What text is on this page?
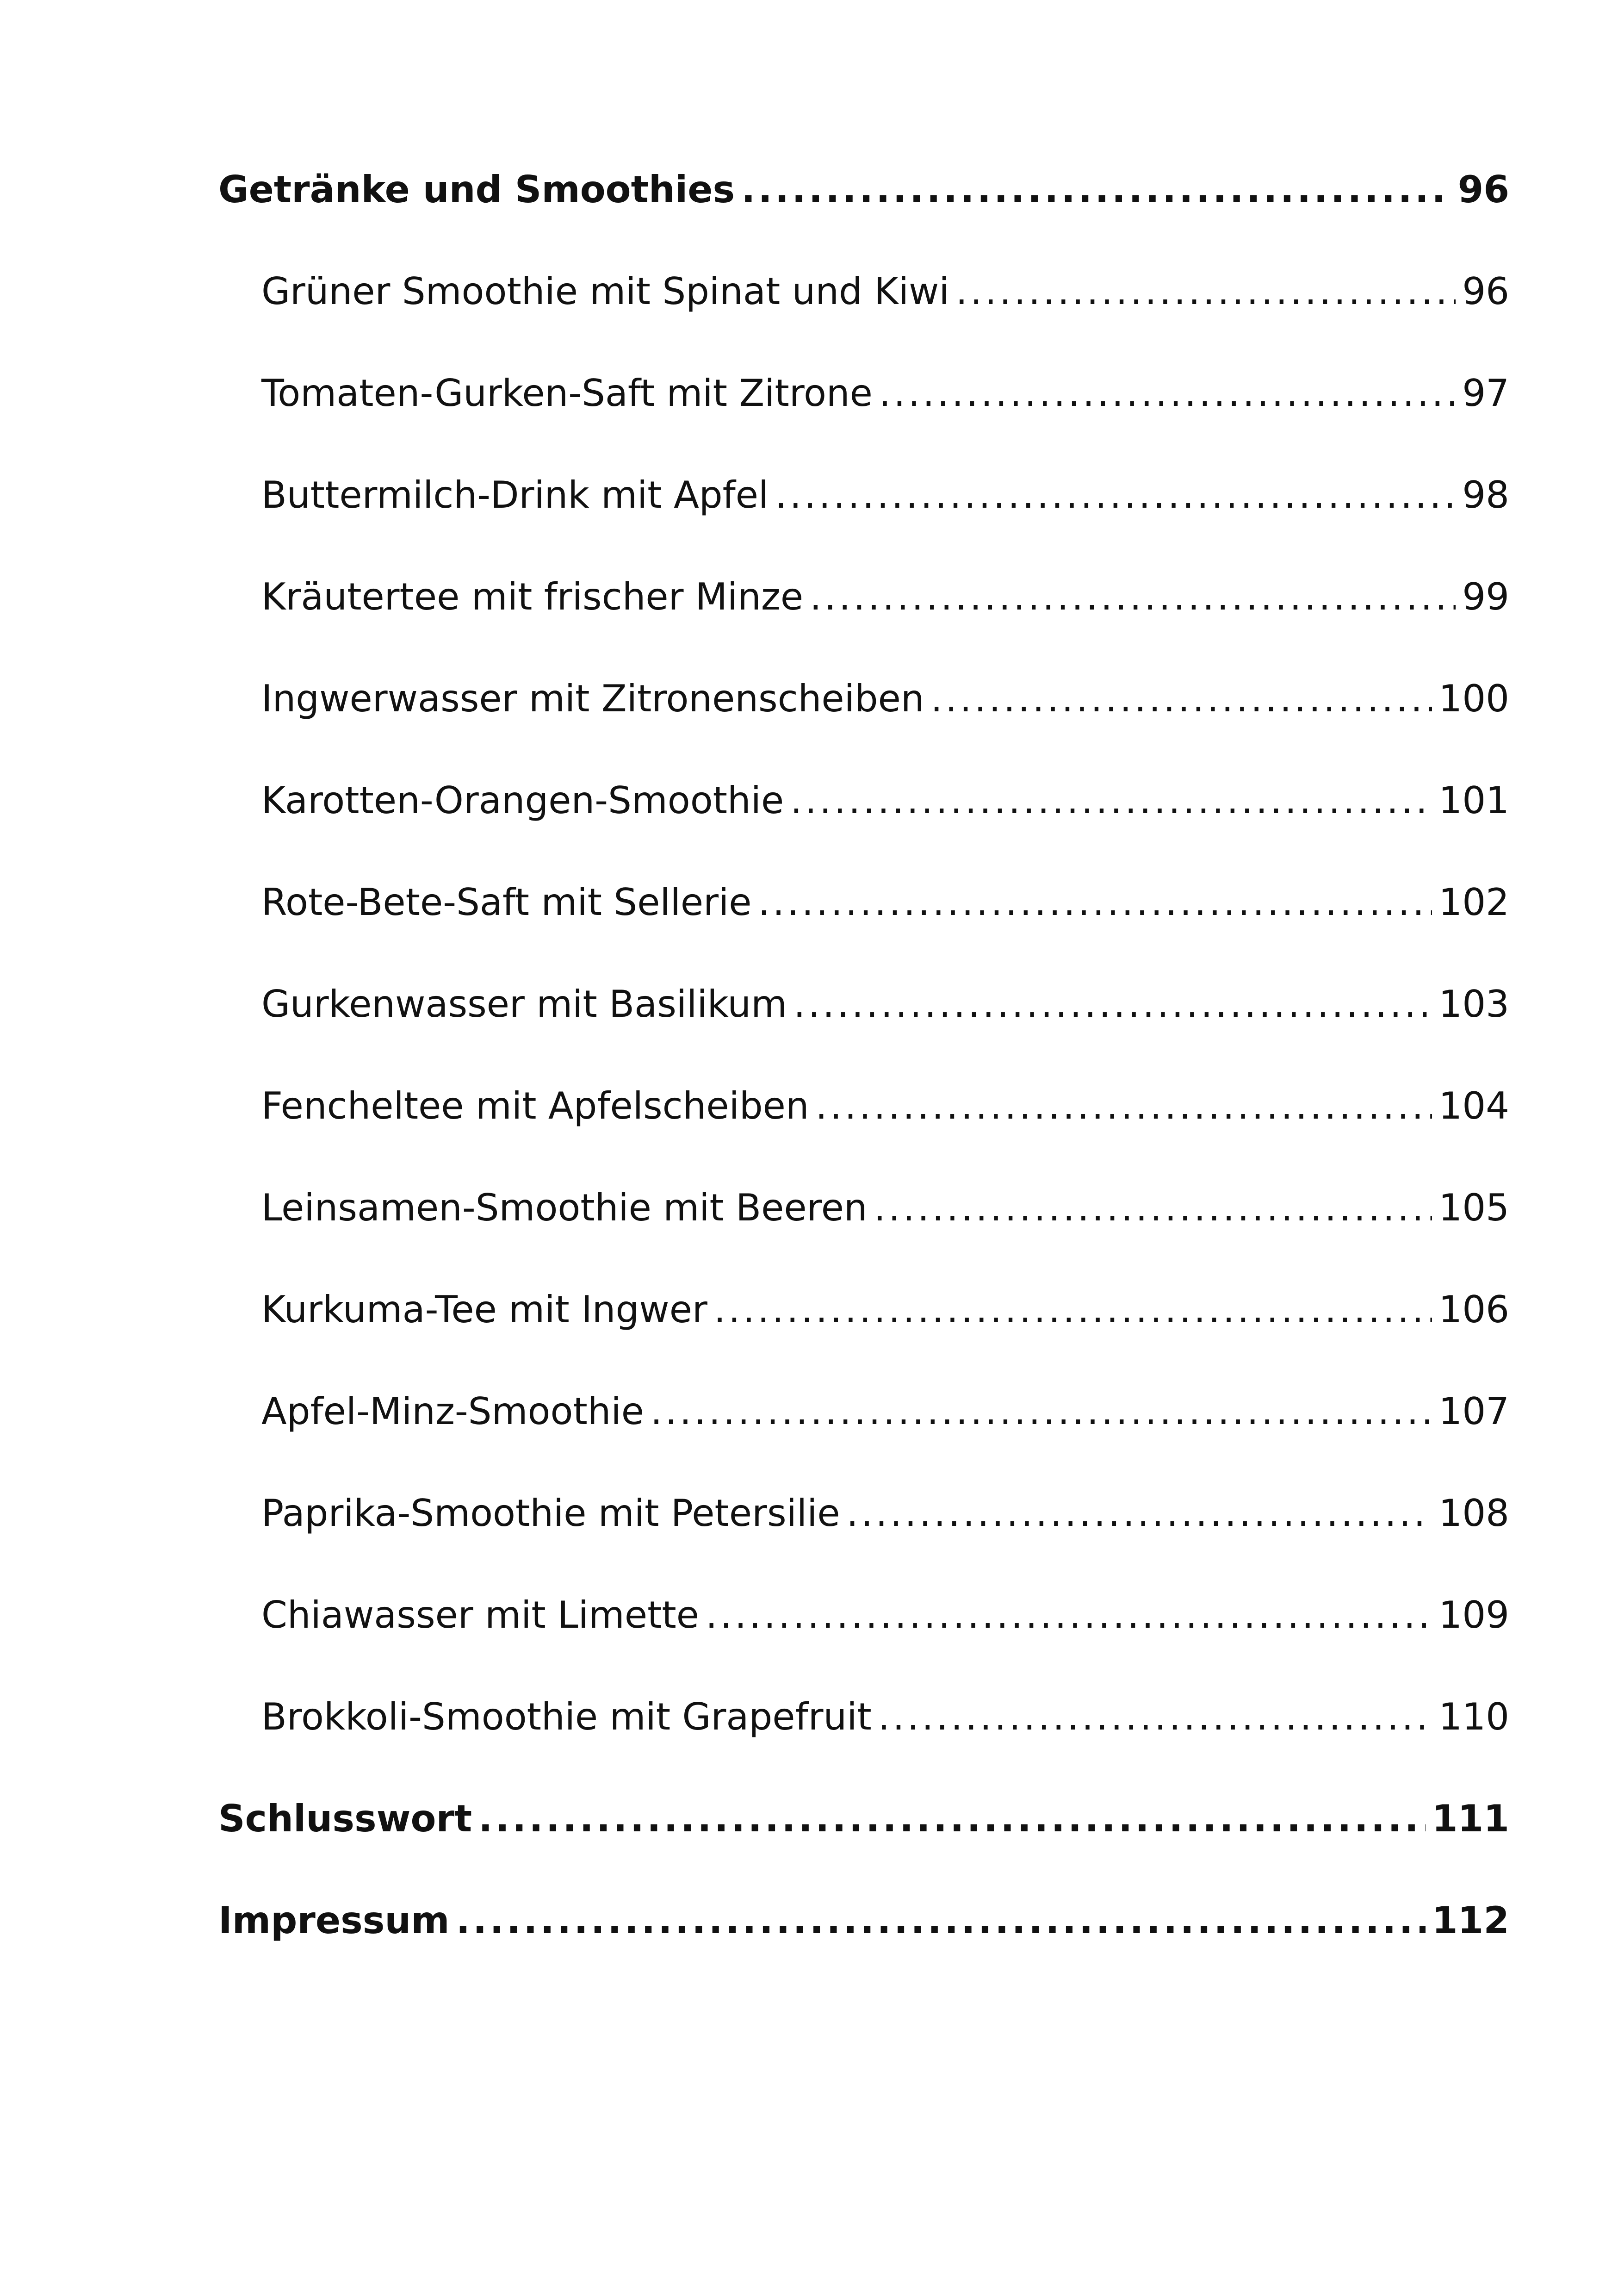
Getränke und Smoothies .....	96
Grüner Smoothie mit Spinat und Kiwi .....	96
Tomaten-Gurken-Saft mit Zitrone .....	97
Buttermilch-Drink mit Apfel .....	98
Kräutertee mit frischer Minze .....	99
Ingwerwasser mit Zitronenscheiben .....	100
Karotten-Orangen-Smoothie .....	101
Rote-Bete-Saft mit Sellerie .....	102
Gurkenwasser mit Basilikum .....	103
Fencheltee mit Apfelscheiben .....	104
Leinsamen-Smoothie mit Beeren .....	105
Kurkuma-Tee mit Ingwer .....	106
Apfel-Minz-Smoothie .....	107
Paprika-Smoothie mit Petersilie .....	108
Chiawasser mit Limette .....	109
Brokkoli-Smoothie mit Grapefruit .....	110
Schlusswort .....	111
Impressum .....	112
